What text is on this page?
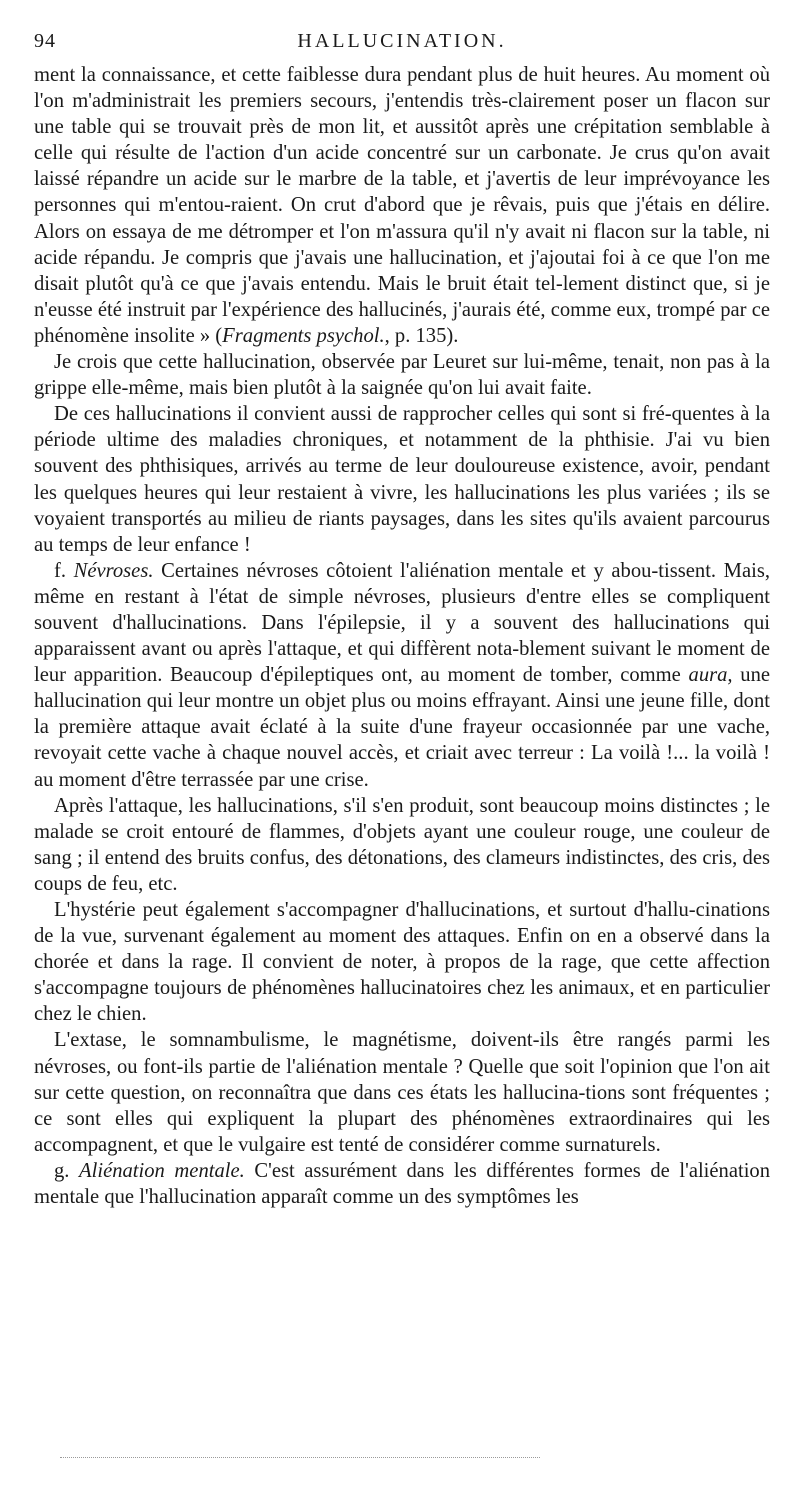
94	HALLUCINATION.

ment la connaissance, et cette faiblesse dura pendant plus de huit heures. Au moment où l'on m'administrait les premiers secours, j'entendis très-clairement poser un flacon sur une table qui se trouvait près de mon lit, et aussitôt après une crépitation semblable à celle qui résulte de l'action d'un acide concentré sur un carbonate. Je crus qu'on avait laissé répandre un acide sur le marbre de la table, et j'avertis de leur imprévoyance les personnes qui m'entou-raient. On crut d'abord que je rêvais, puis que j'étais en délire. Alors on essaya de me détromper et l'on m'assura qu'il n'y avait ni flacon sur la table, ni acide répandu. Je compris que j'avais une hallucination, et j'ajoutai foi à ce que l'on me disait plutôt qu'à ce que j'avais entendu. Mais le bruit était tel-lement distinct que, si je n'eusse été instruit par l'expérience des hallucinés, j'aurais été, comme eux, trompé par ce phénomène insolite » (Fragments psychol., p. 135).

Je crois que cette hallucination, observée par Leuret sur lui-même, tenait, non pas à la grippe elle-même, mais bien plutôt à la saignée qu'on lui avait faite.

De ces hallucinations il convient aussi de rapprocher celles qui sont si fré-quentes à la période ultime des maladies chroniques, et notamment de la phthisie. J'ai vu bien souvent des phthisiques, arrivés au terme de leur douloureuse existence, avoir, pendant les quelques heures qui leur restaient à vivre, les hallucinations les plus variées ; ils se voyaient transportés au milieu de riants paysages, dans les sites qu'ils avaient parcourus au temps de leur enfance !

f. Névroses. Certaines névroses côtoient l'aliénation mentale et y abou-tissent. Mais, même en restant à l'état de simple névroses, plusieurs d'entre elles se compliquent souvent d'hallucinations. Dans l'épilepsie, il y a souvent des hallucinations qui apparaissent avant ou après l'attaque, et qui diffèrent nota-blement suivant le moment de leur apparition. Beaucoup d'épileptiques ont, au moment de tomber, comme aura, une hallucination qui leur montre un objet plus ou moins effrayant. Ainsi une jeune fille, dont la première attaque avait éclaté à la suite d'une frayeur occasionnée par une vache, revoyait cette vache à chaque nouvel accès, et criait avec terreur : La voilà !... la voilà ! au moment d'être terrassée par une crise.

Après l'attaque, les hallucinations, s'il s'en produit, sont beaucoup moins distinctes ; le malade se croit entouré de flammes, d'objets ayant une couleur rouge, une couleur de sang ; il entend des bruits confus, des détonations, des clameurs indistinctes, des cris, des coups de feu, etc.

L'hystérie peut également s'accompagner d'hallucinations, et surtout d'hallu-cinations de la vue, survenant également au moment des attaques. Enfin on en a observé dans la chorée et dans la rage. Il convient de noter, à propos de la rage, que cette affection s'accompagne toujours de phénomènes hallucinatoires chez les animaux, et en particulier chez le chien.

L'extase, le somnambulisme, le magnétisme, doivent-ils être rangés parmi les névroses, ou font-ils partie de l'aliénation mentale ? Quelle que soit l'opinion que l'on ait sur cette question, on reconnaîtra que dans ces états les hallucina-tions sont fréquentes ; ce sont elles qui expliquent la plupart des phénomènes extraordinaires qui les accompagnent, et que le vulgaire est tenté de considérer comme surnaturels.

g. Aliénation mentale. C'est assurément dans les différentes formes de l'aliénation mentale que l'hallucination apparaît comme un des symptômes les
